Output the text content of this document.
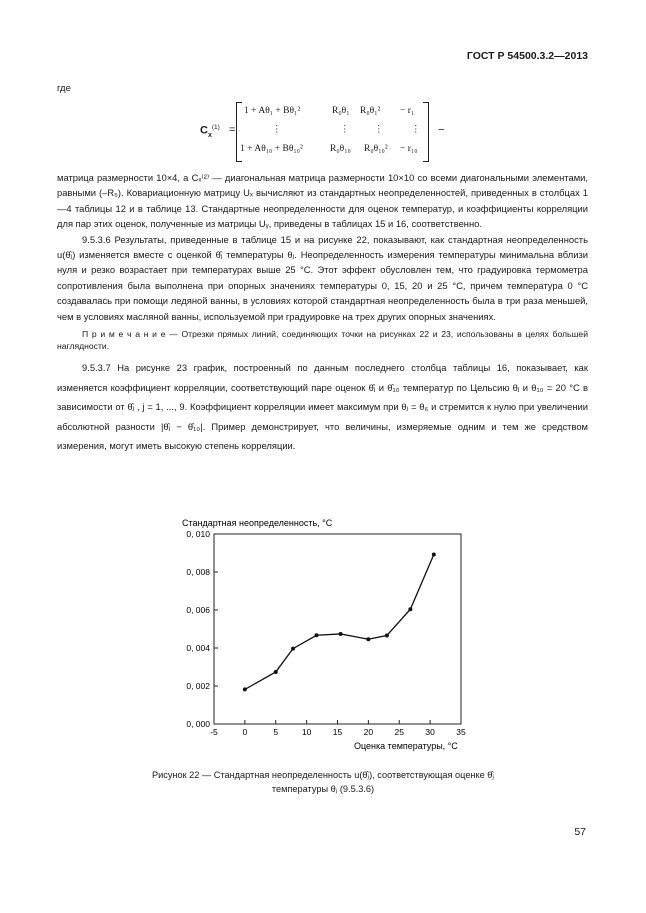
ГОСТ Р 54500.3.2—2013
где
$C_x^{(1)}$ =
1 + Aθ₁ + Bθ₁²	R₀θ₁ R₀θ₁² − r₁
⋮	⋮	⋮	⋮
1 + Aθ₁₀ + Bθ₁₀²	R₀θ₁₀ R₀θ₁₀² − r₁₀
−

матрица размерности 10×4, а Cₓ⁽²⁾ — диагональная матрица размерности 10×10 со всеми диагональными элементами, равными (–R₅). Ковариационную матрицу Uₓ вычисляют из стандартных неопределенностей, приведенных в столбцах 1—4 таблицы 12 и в таблице 13. Стандартные неопределенности для оценок температур, и коэффициенты корреляции для пар этих оценок, полученные из матрицы Uᵧ, приведены в таблицах 15 и 16, соответственно.

9.5.3.6 Результаты, приведенные в таблице 15 и на рисунке 22, показывают, как стандартная неопределенность u(θ̂ⱼ) изменяется вместе с оценкой θ̂ⱼ температуры θⱼ. Неопределенность измерения температуры минимальна вблизи нуля и резко возрастает при температурах выше 25 °С. Этот эффект обусловлен тем, что градуировка термометра сопротивления была выполнена при опорных значениях температуры 0, 15, 20 и 25 °С, причем температура 0 °С создавалась при помощи ледяной ванны, в условиях которой стандартная неопределенность была в три раза меньшей, чем в условиях масляной ванны, используемой при градуировке на трех других опорных значениях.

П р и м е ч а н и е — Отрезки прямых линий, соединяющих точки на рисунках 22 и 23, использованы в целях большей наглядности.

9.5.3.7 На рисунке 23 график, построенный по данным последнего столбца таблицы 16, показывает, как изменяется коэффициент корреляции, соответствующий паре оценок θ̂ⱼ и θ̂₁₀ температур по Цельсию θⱼ и θ₁₀ = 20 °С в зависимости от θ̂ⱼ , j = 1, ..., 9. Коэффициент корреляции имеет максимум при θⱼ = θ₆ и стремится к нулю при увеличении абсолютной разности |θ̂ⱼ − θ̂₁₀|. Пример демонстрирует, что величины, измеряемые одним и тем же средством измерения, могут иметь высокую степень корреляции.

Стандартная неопределенность, °С
Оценка температуры, °С
-5	0	5	10	15	20	25	30	35
0, 000
0, 002
0, 004
0, 006
0, 008
0, 010
Рисунок 22 — Стандартная неопределенность u(θ̂ⱼ), соответствующая оценке θ̂ⱼ
температуры θⱼ (9.5.3.6)
57
